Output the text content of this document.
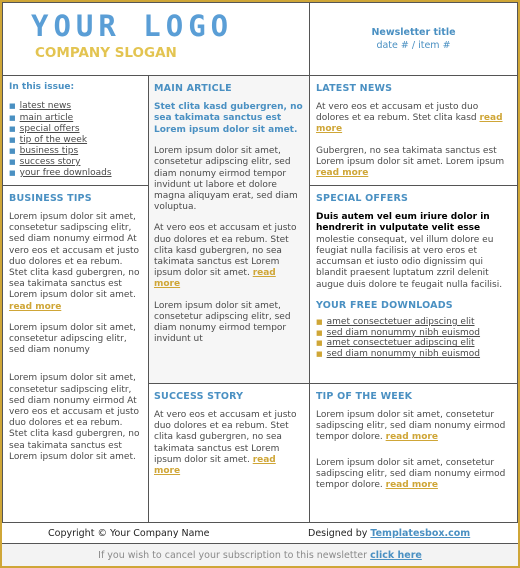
YOUR LOGO
COMPANY SLOGAN
Newsletter title
date # / item #
In this issue:
■ latest news
■ main article
■ special offers
■ tip of the week
■ business tips
■ success story
■ your free downloads
MAIN ARTICLE

Stet clita kasd gubergren, no sea takimata sanctus est Lorem ipsum dolor sit amet.

Lorem ipsum dolor sit amet, consetetur adipscing elitr, sed diam nonumy eirmod tempor invidunt ut labore et dolore magna aliquyam erat, sed diam voluptua.

At vero eos et accusam et justo duo dolores et ea rebum. Stet clita kasd gubergren, no sea takimata sanctus est Lorem ipsum dolor sit amet. read more

Lorem ipsum dolor sit amet, consetetur adipscing elitr, sed diam nonumy eirmod tempor invidunt ut

LATEST NEWS

At vero eos et accusam et justo duo dolores et ea rebum. Stet clita kasd read more

Gubergren, no sea takimata sanctus est Lorem ipsum dolor sit amet. Lorem ipsum read more

BUSINESS TIPS

Lorem ipsum dolor sit amet, consetetur sadipscing elitr, sed diam nonumy eirmod At vero eos et accusam et justo duo dolores et ea rebum. Stet clita kasd gubergren, no sea takimata sanctus est Lorem ipsum dolor sit amet. read more

Lorem ipsum dolor sit amet, consetetur adipscing elitr, sed diam nonumy

Lorem ipsum dolor sit amet, consetetur sadipscing elitr, sed diam nonumy eirmod At vero eos et accusam et justo duo dolores et ea rebum. Stet clita kasd gubergren, no sea takimata sanctus est Lorem ipsum dolor sit amet.

SPECIAL OFFERS
Duis autem vel eum iriure dolor in hendrerit in vulputate velit esse

molestie consequat, vel illum dolore eu feugiat nulla facilisis at vero eros et accumsan et iusto odio dignissim qui blandit praesent luptatum zzril delenit augue duis dolore te feugait nulla facilisi.

YOUR FREE DOWNLOADS
■ amet consectetuer adipscing elit
■ sed diam nonummy nibh euismod
■ amet consectetuer adipscing elit
■ sed diam nonummy nibh euismod
SUCCESS STORY

At vero eos et accusam et justo duo dolores et ea rebum. Stet clita kasd gubergren, no sea takimata sanctus est Lorem ipsum dolor sit amet. read more

TIP OF THE WEEK

Lorem ipsum dolor sit amet, consetetur sadipscing elitr, sed diam nonumy eirmod tempor dolore. read more

Lorem ipsum dolor sit amet, consetetur sadipscing elitr, sed diam nonumy eirmod tempor dolore. read more

Copyright © Your Company Name	Designed by Templatesbox.com
If you wish to cancel your subscription to this newsletter click here
